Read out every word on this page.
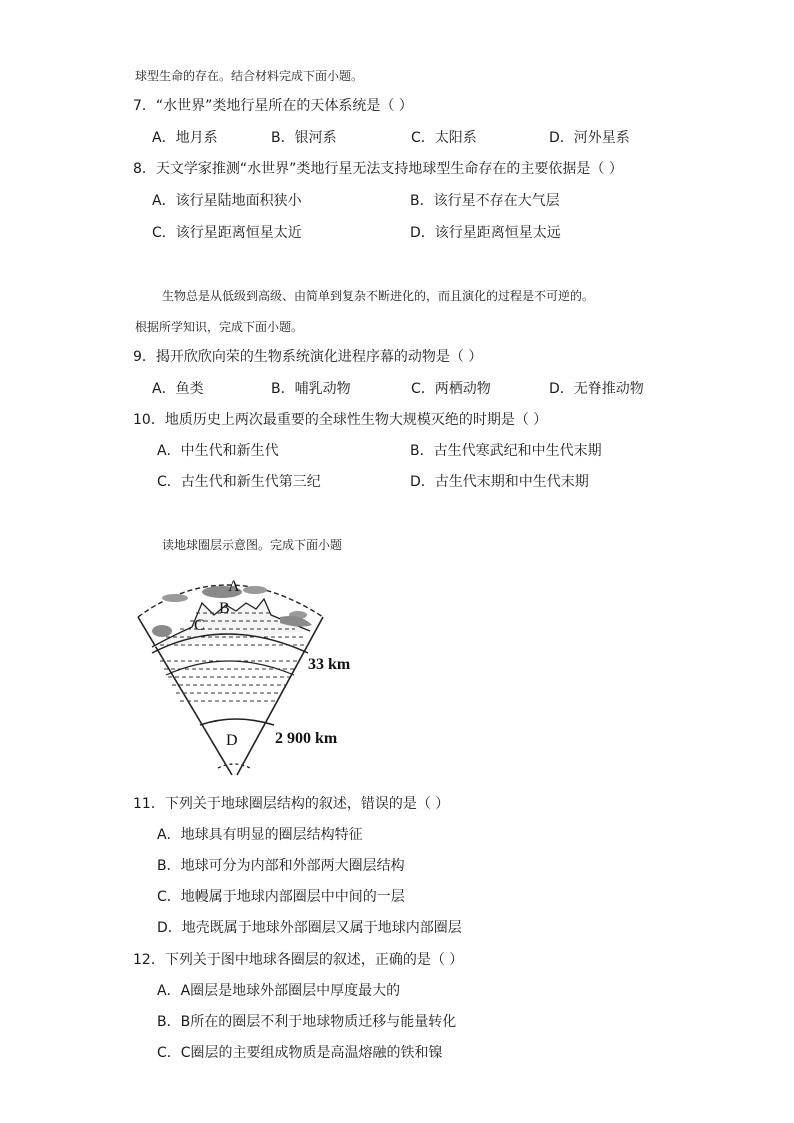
球型生命的存在。结合材料完成下面小题。
7．“水世界”类地行星所在的天体系统是（ ）
A．地月系	B．银河系	C．太阳系	D．河外星系
8．天文学家推测“水世界”类地行星无法支持地球型生命存在的主要依据是（ ）
A．该行星陆地面积狭小	B．该行星不存在大气层
C．该行星距离恒星太近	D．该行星距离恒星太远
生物总是从低级到高级、由简单到复杂不断进化的，而且演化的过程是不可逆的。
根据所学知识，完成下面小题。
9．揭开欣欣向荣的生物系统演化进程序幕的动物是（ ）
A．鱼类	B．哺乳动物	C．两栖动物	D．无脊推动物
10．地质历史上两次最重要的全球性生物大规模灭绝的时期是（ ）
A．中生代和新生代	B．古生代寒武纪和中生代末期
C．古生代和新生代第三纪	D．古生代末期和中生代末期
读地球圈层示意图。完成下面小题
A
B
C
D
33 km
2 900 km
11．下列关于地球圈层结构的叙述，错误的是（ ）
A．地球具有明显的圈层结构特征
B．地球可分为内部和外部两大圈层结构
C．地幔属于地球内部圈层中中间的一层
D．地壳既属于地球外部圈层又属于地球内部圈层
12．下列关于图中地球各圈层的叙述，正确的是（ ）
A．A圈层是地球外部圈层中厚度最大的
B．B所在的圈层不利于地球物质迁移与能量转化
C．C圈层的主要组成物质是高温熔融的铁和镍
